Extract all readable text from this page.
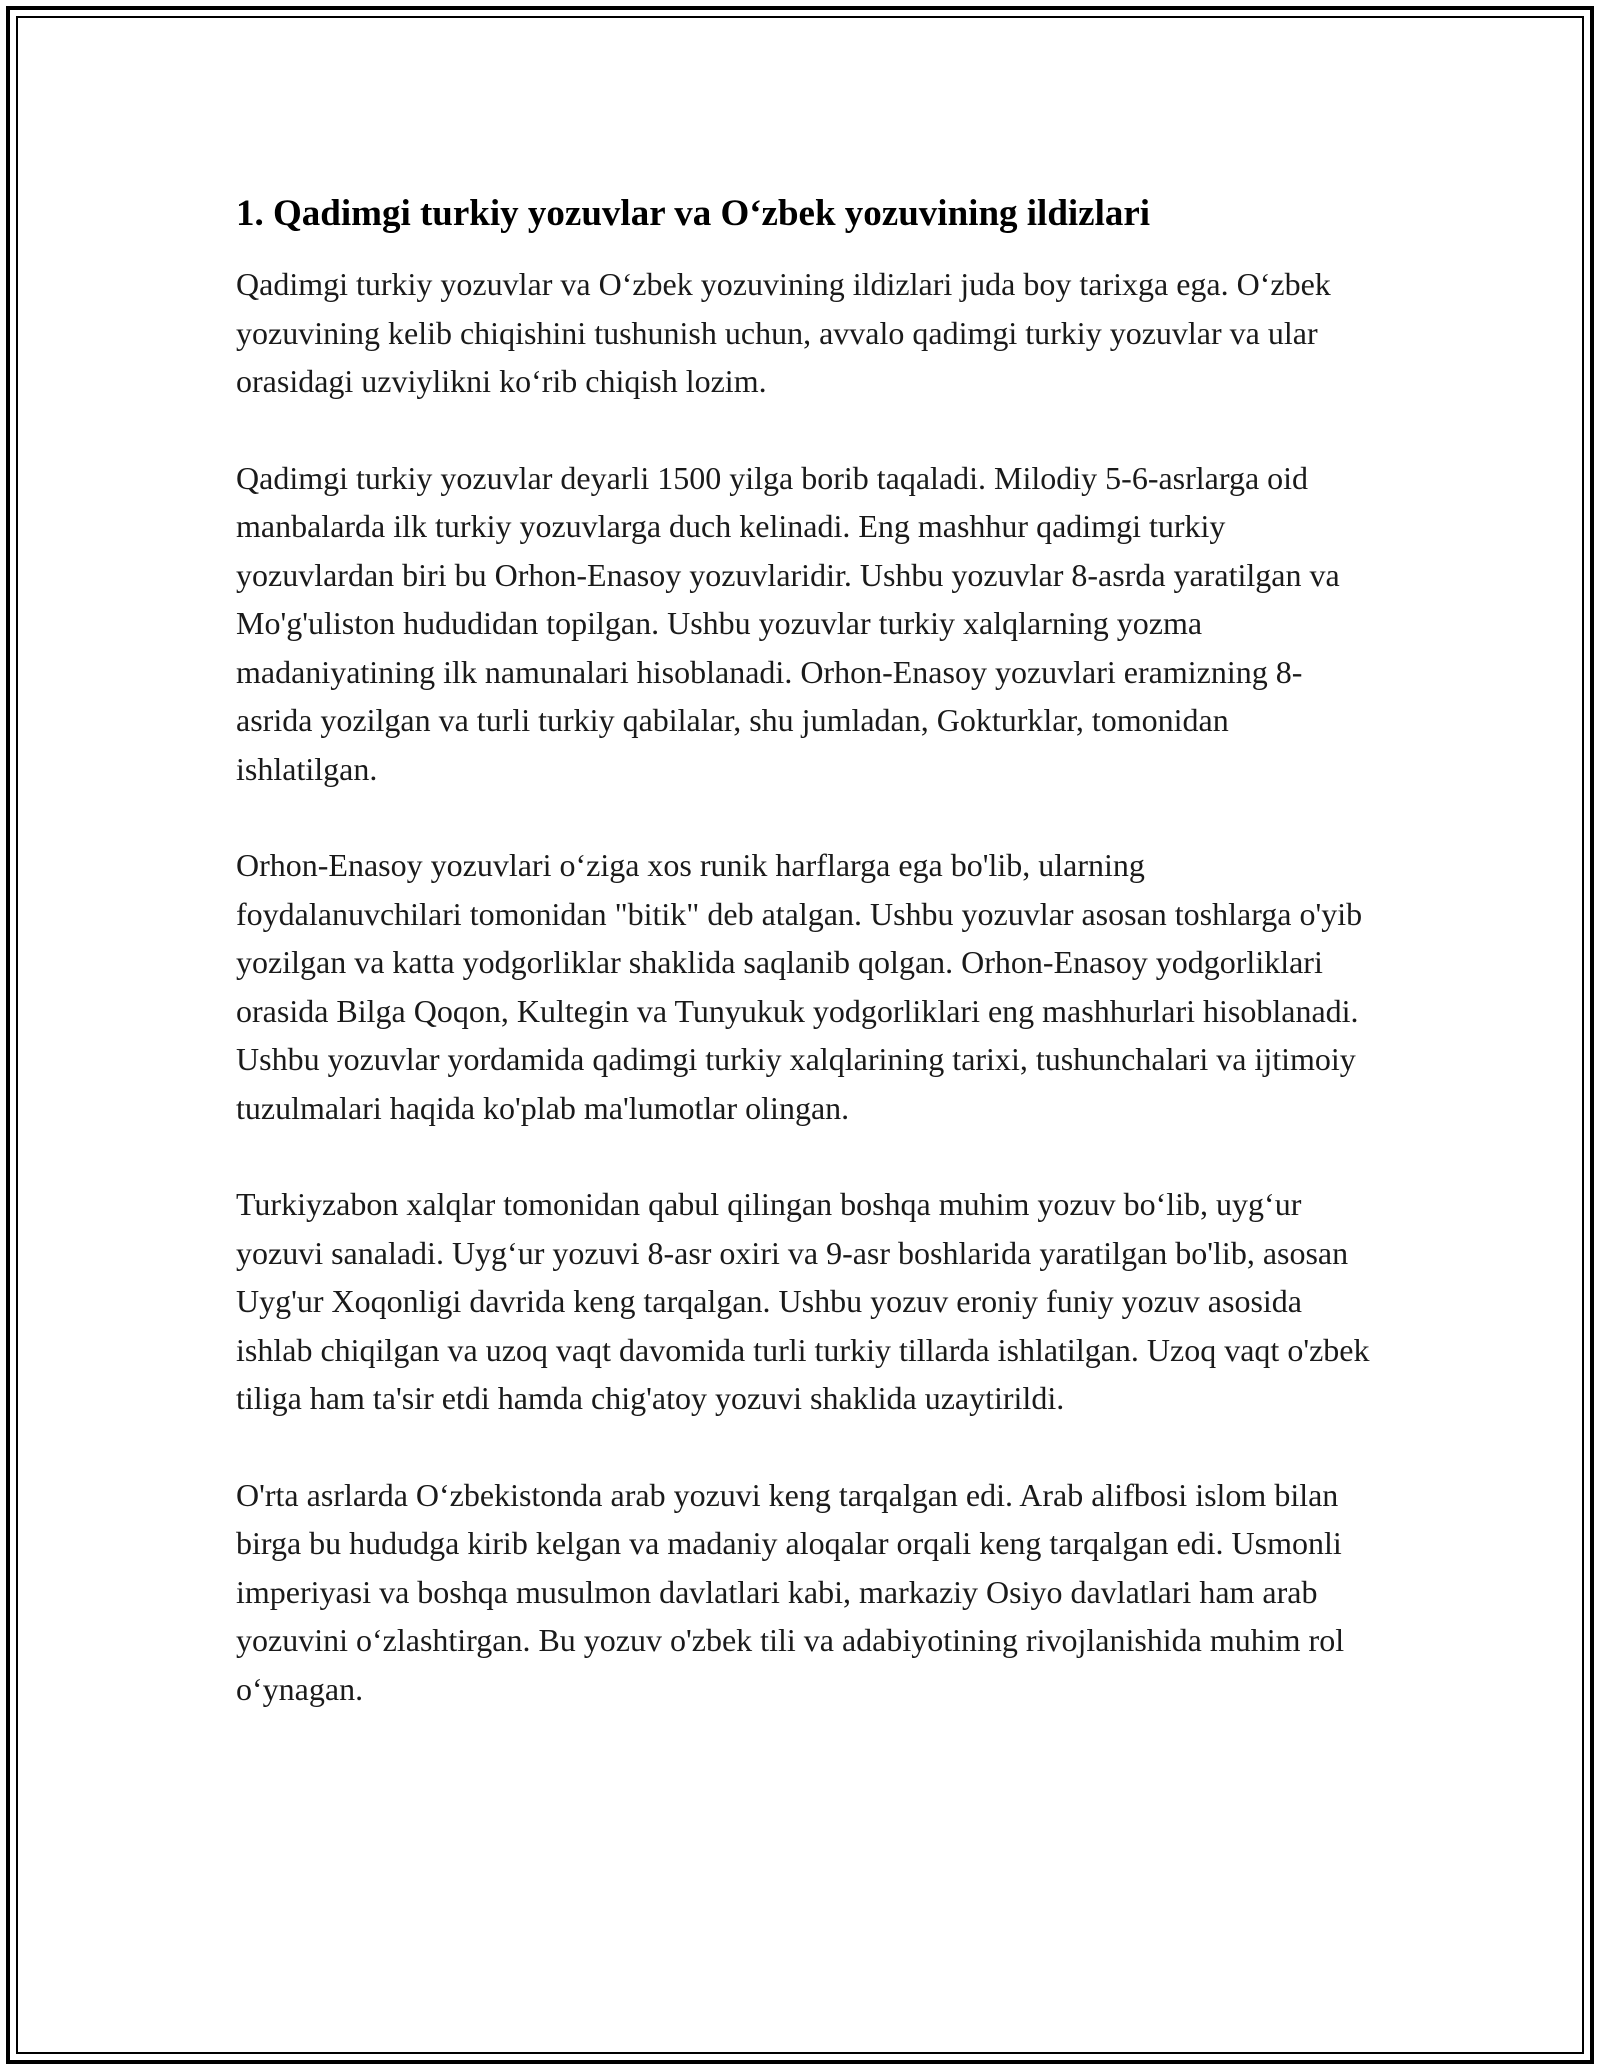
1. Qadimgi turkiy yozuvlar va O‘zbek yozuvining ildizlari

Qadimgi turkiy yozuvlar va O‘zbek yozuvining ildizlari juda boy tarixga ega. O‘zbek yozuvining kelib chiqishini tushunish uchun, avvalo qadimgi turkiy yozuvlar va ular orasidagi uzviylikni ko‘rib chiqish lozim.

Qadimgi turkiy yozuvlar deyarli 1500 yilga borib taqaladi. Milodiy 5-6-asrlarga oid manbalarda ilk turkiy yozuvlarga duch kelinadi. Eng mashhur qadimgi turkiy yozuvlardan biri bu Orhon-Enasoy yozuvlaridir. Ushbu yozuvlar 8-asrda yaratilgan va Mo'g'uliston hududidan topilgan. Ushbu yozuvlar turkiy xalqlarning yozma madaniyatining ilk namunalari hisoblanadi. Orhon-Enasoy yozuvlari eramizning 8-asrida yozilgan va turli turkiy qabilalar, shu jumladan, Gokturklar, tomonidan ishlatilgan.

Orhon-Enasoy yozuvlari o‘ziga xos runik harflarga ega bo'lib, ularning foydalanuvchilari tomonidan "bitik" deb atalgan. Ushbu yozuvlar asosan toshlarga o'yib yozilgan va katta yodgorliklar shaklida saqlanib qolgan. Orhon-Enasoy yodgorliklari orasida Bilga Qoqon, Kultegin va Tunyukuk yodgorliklari eng mashhurlari hisoblanadi. Ushbu yozuvlar yordamida qadimgi turkiy xalqlarining tarixi, tushunchalari va ijtimoiy tuzulmalari haqida ko'plab ma'lumotlar olingan.

Turkiyzabon xalqlar tomonidan qabul qilingan boshqa muhim yozuv bo‘lib, uyg‘ur yozuvi sanaladi. Uyg‘ur yozuvi 8-asr oxiri va 9-asr boshlarida yaratilgan bo'lib, asosan Uyg'ur Xoqonligi davrida keng tarqalgan. Ushbu yozuv eroniy funiy yozuv asosida ishlab chiqilgan va uzoq vaqt davomida turli turkiy tillarda ishlatilgan. Uzoq vaqt o'zbek tiliga ham ta'sir etdi hamda chig'atoy yozuvi shaklida uzaytirildi.

O'rta asrlarda O‘zbekistonda arab yozuvi keng tarqalgan edi. Arab alifbosi islom bilan birga bu hududga kirib kelgan va madaniy aloqalar orqali keng tarqalgan edi. Usmonli imperiyasi va boshqa musulmon davlatlari kabi, markaziy Osiyo davlatlari ham arab yozuvini o‘zlashtirgan. Bu yozuv o'zbek tili va adabiyotining rivojlanishida muhim rol o‘ynagan.
